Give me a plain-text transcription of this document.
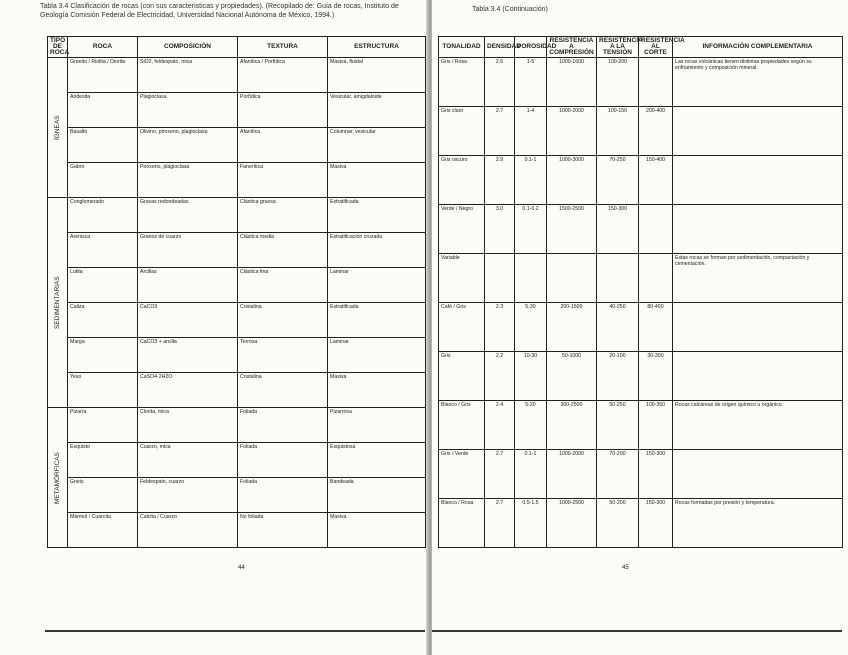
Tabla 3.4 Clasificación de rocas (con sus caracteristicas y propiedades). (Recopilado de: Guía de rocas, Instituto de Geología Comisión Federal de Electricidad, Universidad Nacional Autónoma de México, 1994.)
TIPO DE ROCA	ROCA	COMPOSICIÓN	TEXTURA	ESTRUCTURA
ÍGNEAS	Granito / Riolita / Diorita	SiO2, feldespato, mica	Afanítica / Porfídica	Masiva, fluidal
	Andesita	Plagioclasa	Porfídica	Vesicular, amigdaloide
	Basalto	Olivino, piroxeno, plagioclasa	Afanítica	Columnar, vesicular
	Gabro	Piroxeno, plagioclasa	Fanerítica	Masiva
SEDIMENTARIAS	Conglomerado	Gravas redondeadas	Clástica gruesa	Estratificada
	Arenisca	Granos de cuarzo	Clástica media	Estratificación cruzada
	Lutita	Arcillas	Clástica fina	Laminar
	Caliza	CaCO3	Cristalina	Estratificada
	Marga	CaCO3 + arcilla	Terrosa	Laminar
	Yeso	CaSO4·2H2O	Cristalina	Masiva
METAMÓRFICAS	Pizarra	Clorita, mica	Foliada	Pizarrosa
	Esquisto	Cuarzo, mica	Foliada	Esquistosa
	Gneis	Feldespato, cuarzo	Foliada	Bandeada
	Mármol / Cuarcita	Calcita / Cuarzo	No foliada	Masiva
44
Tabla 3.4 (Continuación)
TONALIDAD	DENSIDAD	POROSIDAD	RESISTENCIA A COMPRESIÓN	RESISTENCIA A LA TENSIÓN	RESISTENCIA AL CORTE	INFORMACIÓN COMPLEMENTARIA
Gris / Rosa	2.6	1-5	1000-1600	100-200		Las rocas volcánicas tienen distintas propiedades según su enfriamiento y composición mineral.
Gris claro	2.7	1-4	1000-2000	100-150	200-400	
Gris oscuro	2.9	0.1-1	1000-3000	70-250	150-400	
Verde / Negro	3.0	0.1-0.2	1500-2500	150-300		
Variable						Estas rocas se forman por sedimentación, compactación y cementación.
Café / Gris	2.3	5-30	200-1500	40-250	80-400	
Gris	2.2	10-30	50-1000	20-100	30-300	
Blanco / Gris	2.4	5-20	300-2500	50-250	100-350	Rocas calcáreas de origen químico u orgánico.
Gris / Verde	2.7	0.1-1	1000-2000	70-200	150-300	
Blanco / Rosa	2.7	0.5-1.5	1000-2500	50-200	150-300	Rocas formadas por presión y temperatura.
45
